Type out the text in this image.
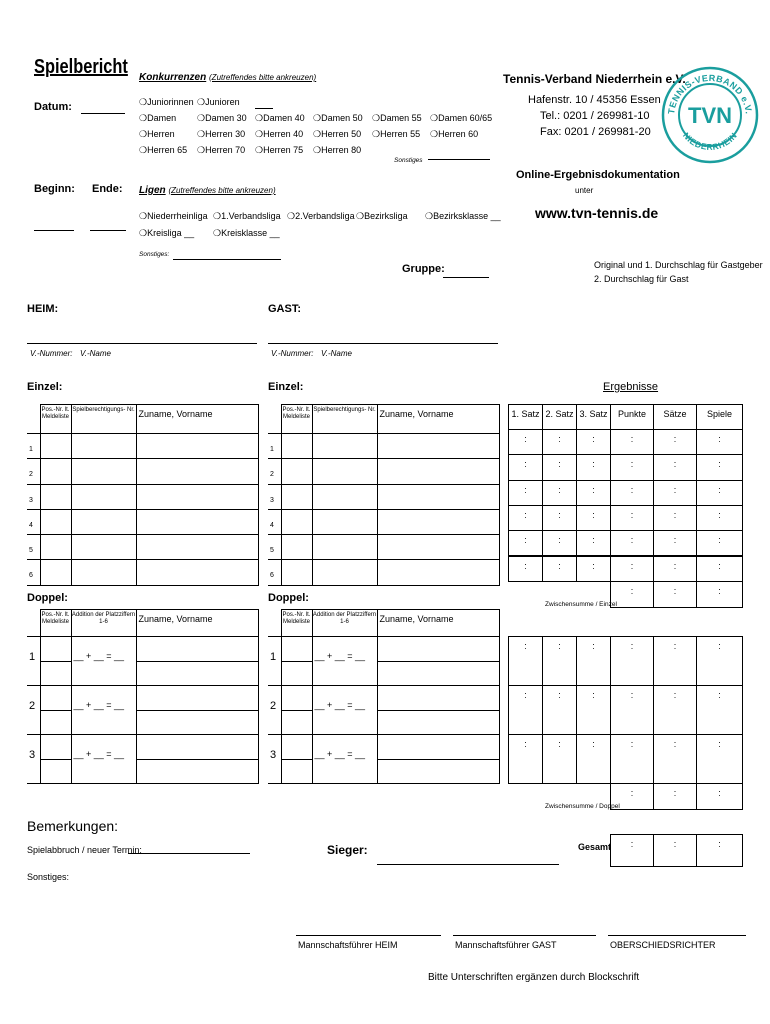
Spielbericht
Datum:
Beginn: Ende:
Konkurrenzen (Zutreffendes bitte ankreuzen)
❍Juniorinnen ❍Junioren
❍Damen ❍Damen 30 ❍Damen 40 ❍Damen 50 ❍Damen 55 ❍Damen 60/65
❍Herren ❍Herren 30 ❍Herren 40 ❍Herren 50 ❍Herren 55 ❍Herren 60
❍Herren 65 ❍Herren 70 ❍Herren 75 ❍Herren 80
Sonstiges
Ligen (Zutreffendes bitte ankreuzen)
❍Niederrheinliga ❍1.Verbandsliga ❍2.Verbandsliga ❍Bezirksliga ❍Bezirksklasse __
❍Kreisliga __ ❍Kreisklasse __
Sonstiges:
Gruppe:
Tennis-Verband Niederrhein e.V.
Hafenstr. 10 / 45356 Essen
Tel.: 0201 / 269981-10
Fax: 0201 / 269981-20
Online-Ergebnisdokumentation
unter
www.tvn-tennis.de
TENNIS-VERBAND e.V.
NIEDERRHEIN
TVN
Original und 1. Durchschlag für Gastgeber
2. Durchschlag für Gast
HEIM:	GAST:
V.-Nummer: V.-Name	V.-Nummer: V.-Name
Einzel:	Einzel:	Ergebnisse
	Pos.-Nr. lt. Meldeliste	Spielberechtigungs- Nr.	Zuname, Vorname
1			
2			
3			
4			
5			
6			
	Pos.-Nr. lt. Meldeliste	Spielberechtigungs- Nr.	Zuname, Vorname
1			
2			
3			
4			
5			
6			
1. Satz 2. Satz 3. Satz	Punkte	Sätze	Spiele
:	:	:	:	:	:
:	:	:	:	:	:
:	:	:	:	:	:
:	:	:	:	:	:
:	:	:	:	:	:
:	:	:	:	:	:
:	:	:
:	:	:	:	:	:
:	:	:	:	:	:
:	:	:	:	:	:
:	:	:
:	:	:
Doppel:	Doppel:
	Pos.-Nr. lt. Meldeliste	Addition der Platzziffern 1-6	Zuname, Vorname
1		__ + __ = __	

2		__ + __ = __	

3		__ + __ = __	

	Pos.-Nr. lt. Meldeliste	Addition der Platzziffern 1-6	Zuname, Vorname
1		__ + __ = __	

2		__ + __ = __	

3		__ + __ = __	

Zwischensumme / Einzel
Zwischensumme / Doppel
Bemerkungen:
Spielabbruch / neuer Termin:	Sieger:	Gesamt
Sonstiges:
Mannschaftsführer HEIM	Mannschaftsführer GAST	OBERSCHIEDSRICHTER
Bitte Unterschriften ergänzen durch Blockschrift
